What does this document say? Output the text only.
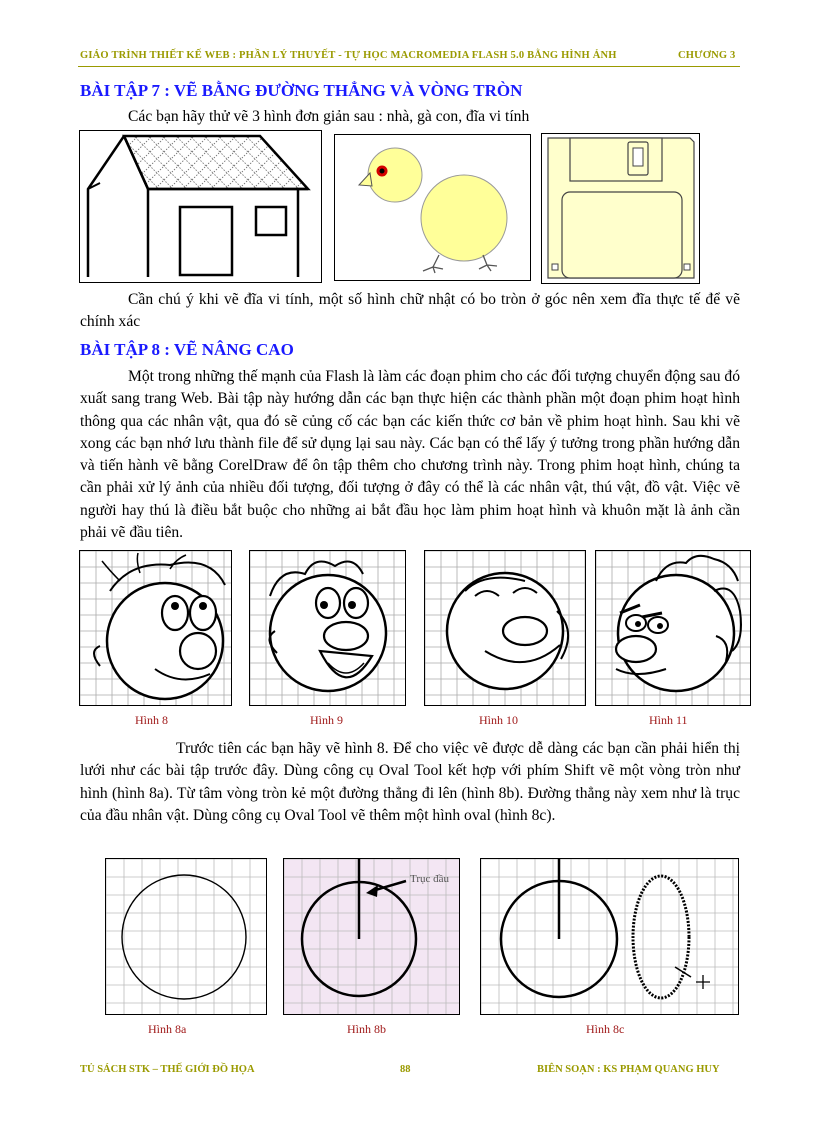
GIÁO TRÌNH THIẾT KẾ WEB : PHẦN LÝ THUYẾT - TỰ HỌC MACROMEDIA FLASH 5.0 BẰNG HÌNH ẢNH	CHƯƠNG 3
BÀI TẬP 7 : VẼ BẰNG ĐƯỜNG THẲNG VÀ VÒNG TRÒN
Các bạn hãy thử vẽ 3 hình đơn giản sau : nhà, gà con, đĩa vi tính
Cần chú ý khi vẽ đĩa vi tính, một số hình chữ nhật có bo tròn ở góc nên xem đĩa thực tế để vẽ chính xác
BÀI TẬP 8 : VẼ NÂNG CAO
Một trong những thế mạnh của Flash là làm các đoạn phim cho các đối tượng chuyển động sau đó xuất sang trang Web. Bài tập này hướng dẫn các bạn thực hiện các thành phần một đoạn phim hoạt hình thông qua các nhân vật, qua đó sẽ củng cố các bạn các kiến thức cơ bản về phim hoạt hình. Sau khi vẽ xong các bạn nhớ lưu thành file để sử dụng lại sau này. Các bạn có thể lấy ý tưởng trong phần hướng dẫn và tiến hành vẽ bằng CorelDraw để ôn tập thêm cho chương trình này. Trong phim hoạt hình, chúng ta cần phải xử lý ảnh của nhiều đối tượng, đối tượng ở đây có thể là các nhân vật, thú vật, đồ vật. Việc vẽ người hay thú là điều bắt buộc cho những ai bắt đầu học làm phim hoạt hình và khuôn mặt là ảnh cần phải vẽ đầu tiên.
Hình 8	Hình 9	Hình 10	Hình 11
Trước tiên các bạn hãy vẽ hình 8. Để cho việc vẽ được dễ dàng các bạn cần phải hiển thị lưới như các bài tập trước đây. Dùng công cụ Oval Tool kết hợp với phím Shift vẽ một vòng tròn như hình (hình 8a). Từ tâm vòng tròn kẻ một đường thẳng đi lên (hình 8b). Đường thẳng này xem như là trục của đầu nhân vật. Dùng công cụ Oval Tool vẽ thêm một hình oval (hình 8c).
Trục đầu
Hình 8a	Hình 8b	Hình 8c
TỦ SÁCH STK – THẾ GIỚI ĐỒ HỌA	88	BIÊN SOẠN : KS PHẠM QUANG HUY
